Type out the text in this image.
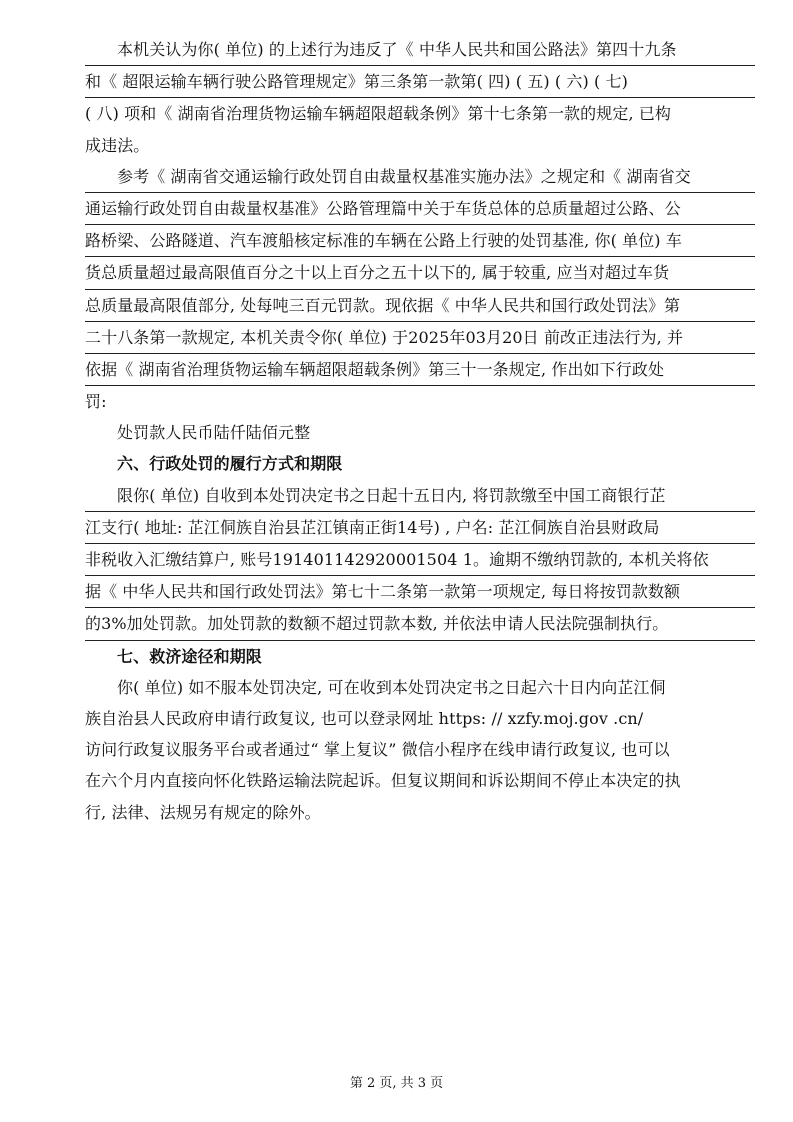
本机关认为你( 单位) 的上述行为违反了《 中华人民共和国公路法》第四十九条
和《 超限运输车辆行驶公路管理规定》第三条第一款第( 四) ( 五) ( 六) ( 七)
( 八) 项和《 湖南省治理货物运输车辆超限超载条例》第十七条第一款的规定, 已构
成违法。
参考《 湖南省交通运输行政处罚自由裁量权基准实施办法》之规定和《 湖南省交
通运输行政处罚自由裁量权基准》公路管理篇中关于车货总体的总质量超过公路、公
路桥梁、公路隧道、汽车渡船核定标准的车辆在公路上行驶的处罚基准, 你( 单位) 车
货总质量超过最高限值百分之十以上百分之五十以下的, 属于较重, 应当对超过车货
总质量最高限值部分, 处每吨三百元罚款。现依据《 中华人民共和国行政处罚法》第
二十八条第一款规定, 本机关责令你( 单位) 于2025年03月20日 前改正违法行为, 并
依据《 湖南省治理货物运输车辆超限超载条例》第三十一条规定, 作出如下行政处
罚:
处罚款人民币陆仟陆佰元整
六、行政处罚的履行方式和期限
限你( 单位) 自收到本处罚决定书之日起十五日内, 将罚款缴至中国工商银行芷
江支行( 地址: 芷江侗族自治县芷江镇南正街14号) , 户名: 芷江侗族自治县财政局
非税收入汇缴结算户, 账号191401142920001504 1。逾期不缴纳罚款的, 本机关将依
据《 中华人民共和国行政处罚法》第七十二条第一款第一项规定, 每日将按罚款数额
的3%加处罚款。加处罚款的数额不超过罚款本数, 并依法申请人民法院强制执行。
七、救济途径和期限
你( 单位) 如不服本处罚决定, 可在收到本处罚决定书之日起六十日内向芷江侗
族自治县人民政府申请行政复议, 也可以登录网址 https: // xzfy.moj.gov .cn/
访问行政复议服务平台或者通过“ 掌上复议” 微信小程序在线申请行政复议, 也可以
在六个月内直接向怀化铁路运输法院起诉。但复议期间和诉讼期间不停止本决定的执
行, 法律、法规另有规定的除外。
第 2 页, 共 3 页
